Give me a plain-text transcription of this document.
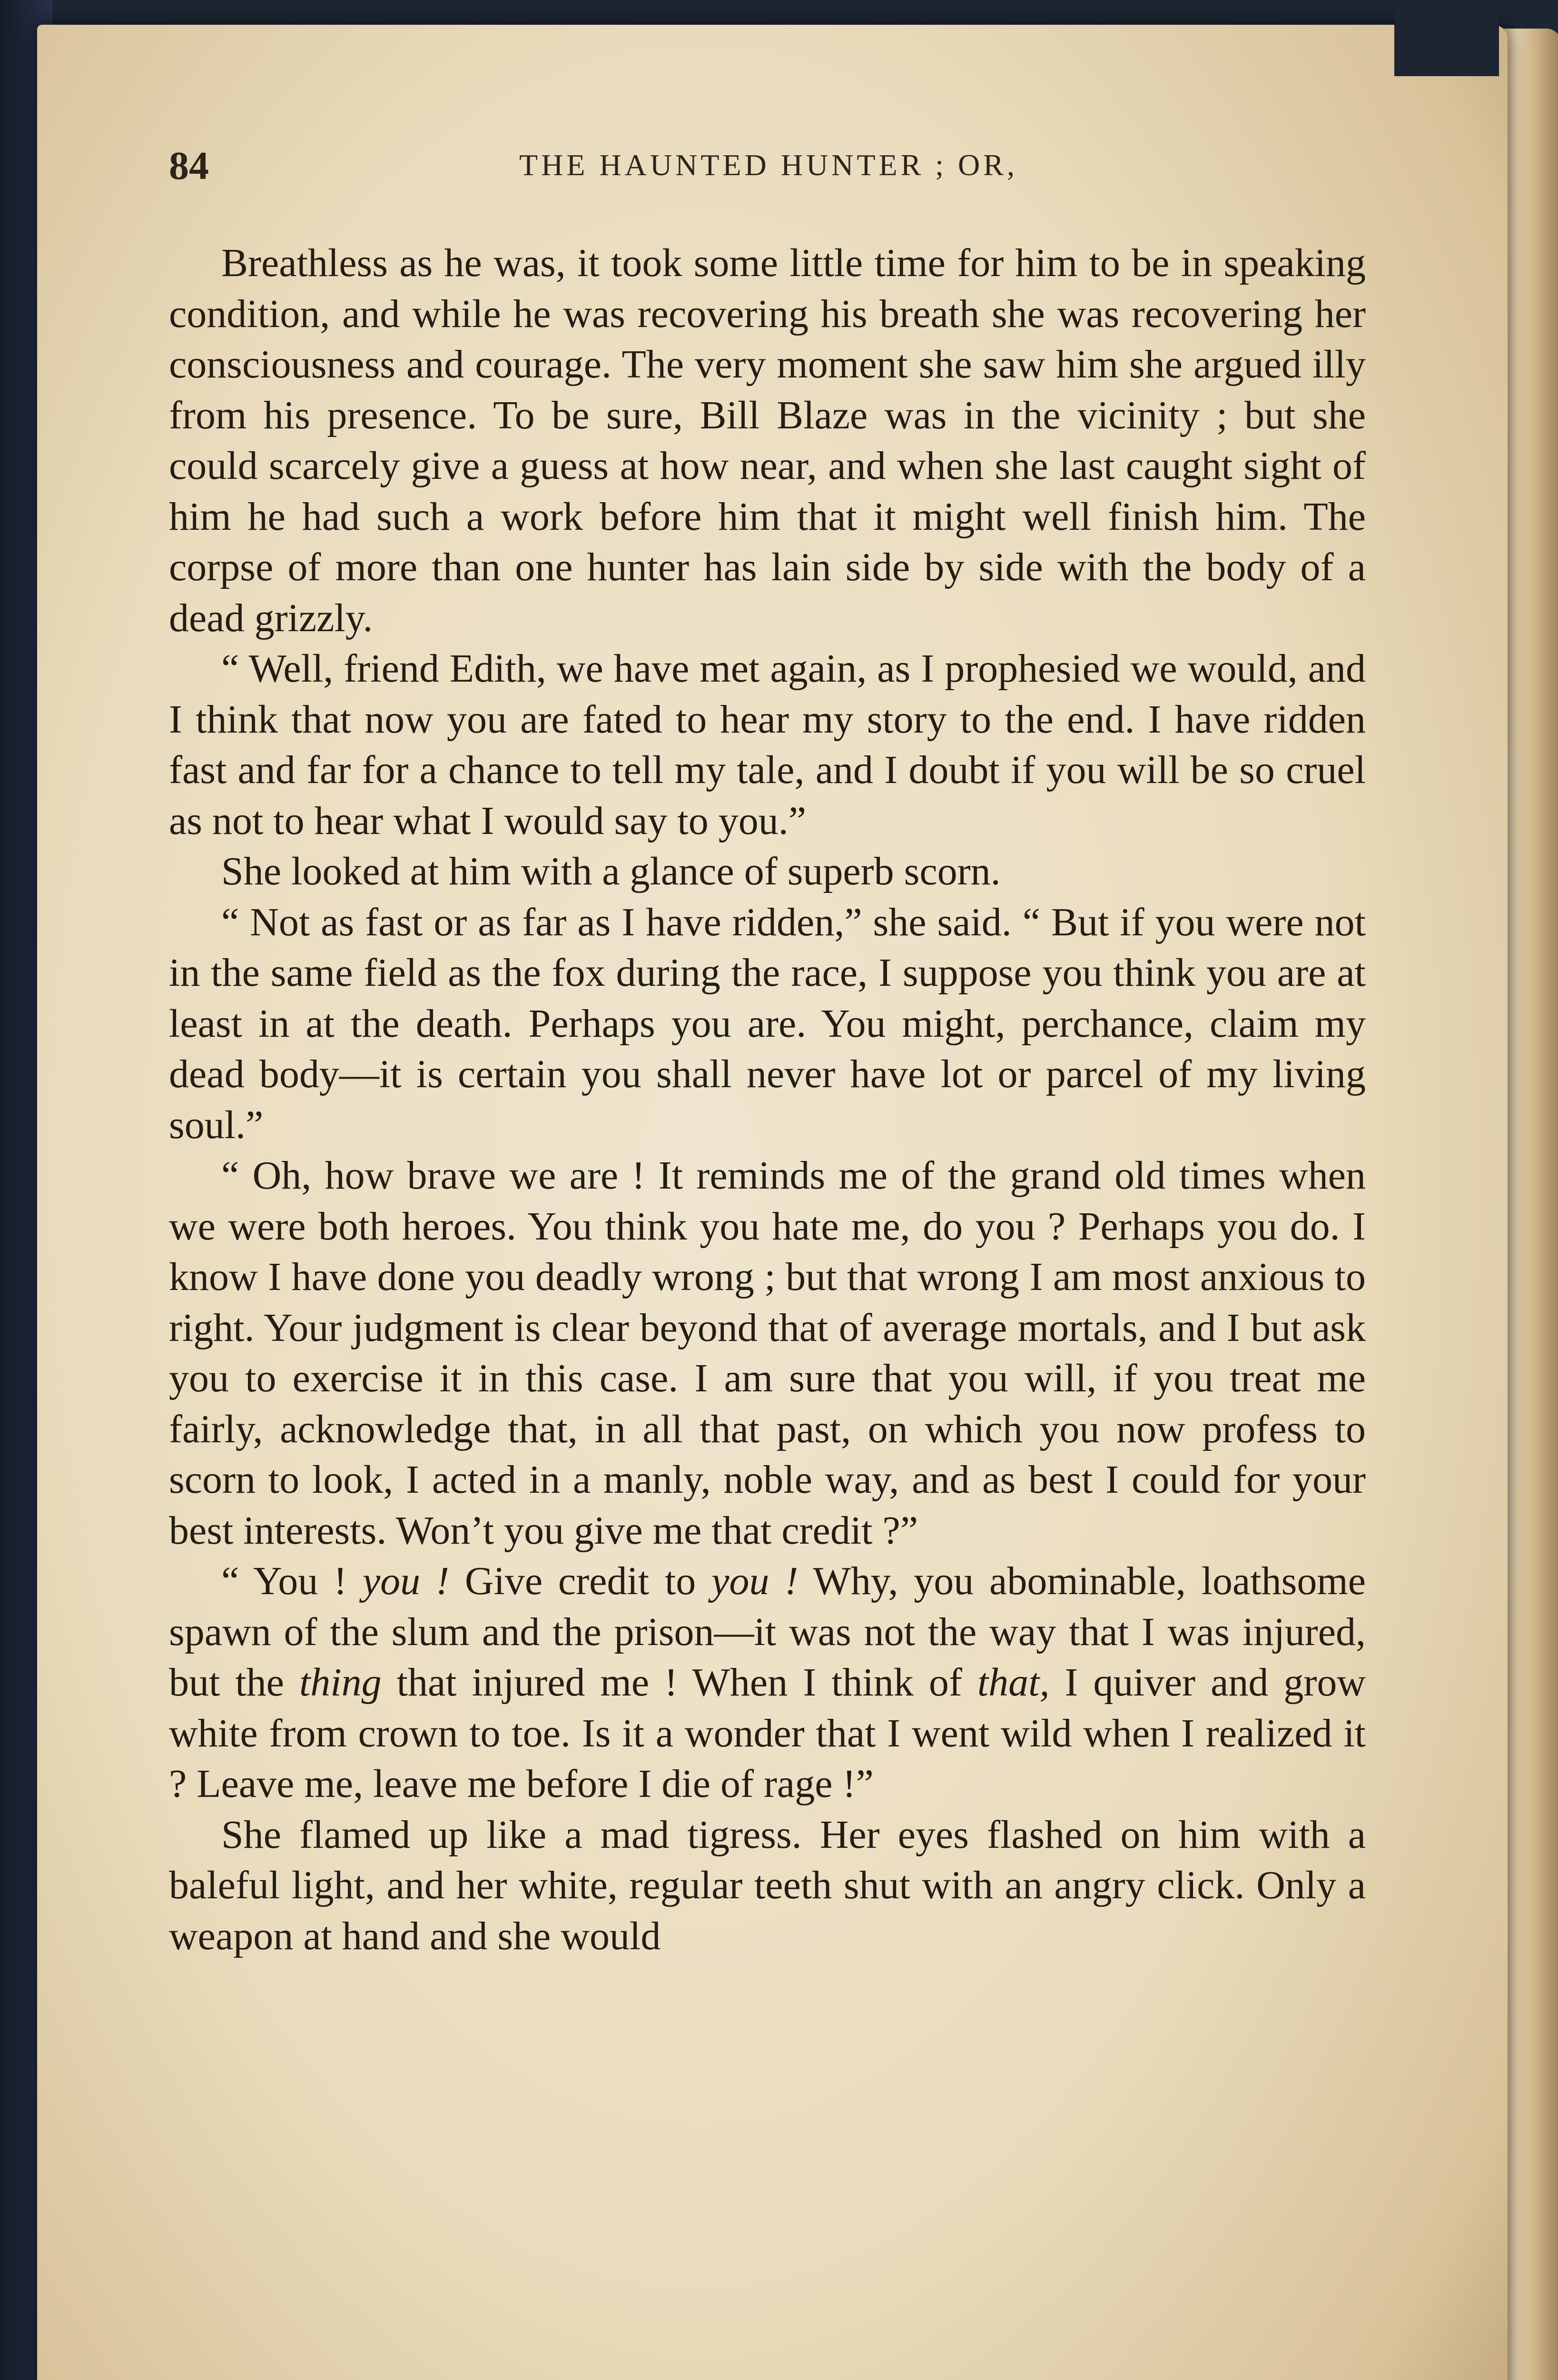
84	THE HAUNTED HUNTER ; OR,

Breathless as he was, it took some little time for him to be in speaking condition, and while he was recovering his breath she was recovering her consciousness and courage. The very moment she saw him she argued illy from his presence. To be sure, Bill Blaze was in the vicinity ; but she could scarcely give a guess at how near, and when she last caught sight of him he had such a work before him that it might well finish him. The corpse of more than one hunter has lain side by side with the body of a dead grizzly.

“ Well, friend Edith, we have met again, as I prophesied we would, and I think that now you are fated to hear my story to the end. I have ridden fast and far for a chance to tell my tale, and I doubt if you will be so cruel as not to hear what I would say to you.”

She looked at him with a glance of superb scorn.

“ Not as fast or as far as I have ridden,” she said. “ But if you were not in the same field as the fox during the race, I suppose you think you are at least in at the death. Perhaps you are. You might, perchance, claim my dead body—it is certain you shall never have lot or parcel of my living soul.”

“ Oh, how brave we are ! It reminds me of the grand old times when we were both heroes. You think you hate me, do you ? Perhaps you do. I know I have done you deadly wrong ; but that wrong I am most anxious to right. Your judgment is clear beyond that of average mortals, and I but ask you to exercise it in this case. I am sure that you will, if you treat me fairly, acknowledge that, in all that past, on which you now profess to scorn to look, I acted in a manly, noble way, and as best I could for your best interests. Won’t you give me that credit ?”

“ You ! you ! Give credit to you ! Why, you abominable, loathsome spawn of the slum and the prison—it was not the way that I was injured, but the thing that injured me ! When I think of that, I quiver and grow white from crown to toe. Is it a wonder that I went wild when I realized it ? Leave me, leave me before I die of rage !”

She flamed up like a mad tigress. Her eyes flashed on him with a baleful light, and her white, regular teeth shut with an angry click. Only a weapon at hand and she would
